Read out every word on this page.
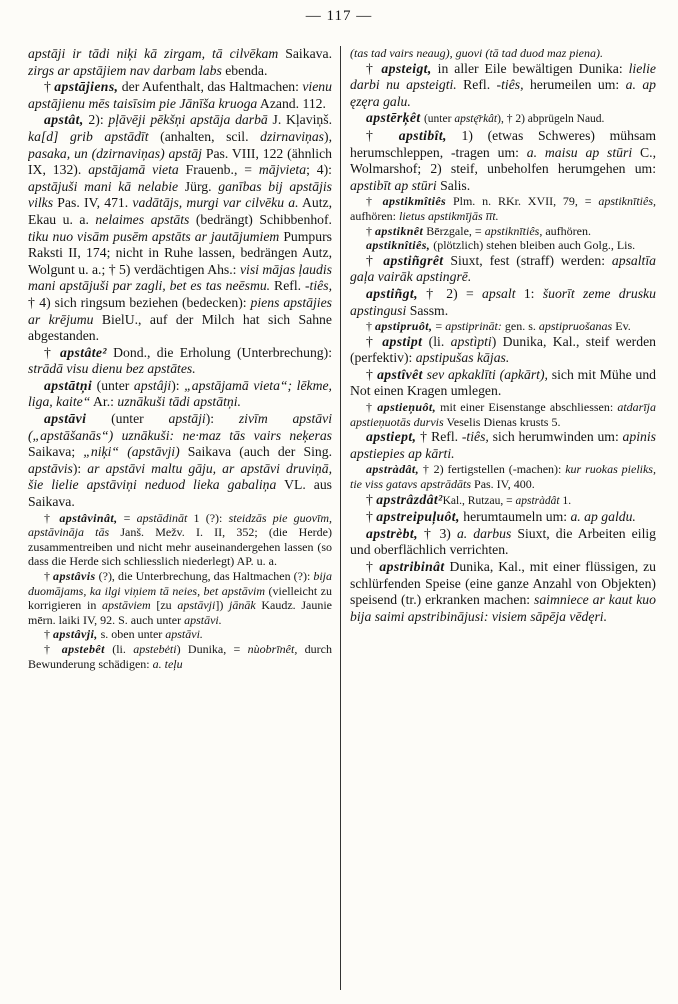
— 117 —

apstāji ir tādi niķi kā zirgam, tā cilvēkam Saikava. zirgs ar apstājiem nav darbam labs ebenda.

† apstājiens, der Aufenthalt, das Haltmachen: vienu apstājienu mēs taisīsim pie Jānīša kruoga Azand. 112.

apstât, 2): pļāvēji pēkšņi apstāja darbā J. Kļaviņš. ka[d] grib apstādīt (anhalten, scil. dzirnaviņas), pasaka, un (dzirnaviņas) apstāj Pas. VIII, 122 (ähnlich IX, 132). apstājamā vieta Frauenb., = mājvieta; 4): apstājuši mani kā nelabie Jürg. ganības bij apstājis vilks Pas. IV, 471. vadātājs, murgi var cilvēku a. Autz, Ekau u. a. nelaimes apstāts (bedrängt) Schibbenhof. tiku nuo visām pusēm apstāts ar jautājumiem Pumpurs Raksti II, 174; nicht in Ruhe lassen, bedrängen Autz, Wolgunt u. a.; † 5) verdächtigen Ahs.: visi mājas ļaudis mani apstājuši par zagli, bet es tas neēsmu. Refl. -tiês, † 4) sich ringsum beziehen (bedecken): piens apstājies ar krējumu BielU., auf der Milch hat sich Sahne abgestanden.

† apstâte² Dond., die Erholung (Unterbrechung): strādā visu dienu bez apstātes.

apstātņi (unter apstâji): „apstājamā vieta“; lēkme, liga, kaite“ Ar.: uznākuši tādi apstātņi.

apstāvi (unter apstāji): zivīm apstāvi („apstāšanās“) uznākuši: ne·maz tās vairs neķeras Saikava; „niķi“ (apstāvji) Saikava (auch der Sing. apstāvis): ar apstāvi maltu gāju, ar apstāvi druviņā, šie lielie apstāviņi neduod lieka gabaliņa VL. aus Saikava.

† apstâvinât, = apstādināt 1 (?): steidzās pie guovīm, apstāvināja tās Janš. Mežv. I. II, 352; (die Herde) zusammentreiben und nicht mehr auseinandergehen lassen (so dass die Herde sich schliesslich niederlegt) AP. u. a.

† apstâvis (?), die Unterbrechung, das Haltmachen (?): bija duomājams, ka ilgi viņiem tā neies, bet apstāvim (vielleicht zu korrigieren in apstāviem [zu apstāvji]) jānāk Kaudz. Jaunie mērn. laiki IV, 92. S. auch unter apstāvi.

† apstâvji, s. oben unter apstāvi.

† apstebêt (li. apstebėti) Dunika, = nùobrīnêt, durch Bewunderung schädigen: a. teļu

(tas tad vairs neaug), guovi (tā tad duod maz piena).

† apsteigt, in aller Eile bewältigen Dunika: lielie darbi nu apsteigti. Refl. -tiês, herumeilen um: a. ap ęzęra galu.

apstērķêt (unter apstę̄rkât), † 2) abprügeln Naud.

† apstibît, 1) (etwas Schweres) mühsam herumschleppen, -tragen um: a. maisu ap stūri C., Wolmarshof; 2) steif, unbeholfen herumgehen um: apstibīt ap stūri Salis.

† apstikmîtiês Plm. n. RKr. XVII, 79, = apstiknītiês, aufhören: lietus apstikmījās īīt.

† apstiknêt Bērzgale, = apstiknītiês, aufhören.

apstiknîtiês, (plötzlich) stehen bleiben auch Golg., Lis.

† apstiñgrêt Siuxt, fest (straff) werden: apsaltīa gaļa vairāk apstingrē.

apstiñgt, † 2) = apsalt 1: šuorīt zeme drusku apstingusi Sassm.

† apstipruôt, = apstiprināt: gen. s. apstipruošanas Ev.

† apstipt (li. apstìpti) Dunika, Kal., steif werden (perfektiv): apstipušas kājas.

† apstîvêt sev apkaklīti (apkārt), sich mit Mühe und Not einen Kragen umlegen.

† apstieņuôt, mit einer Eisenstange abschliessen: atdarīja apstieņuotās durvis Veselis Dienas krusts 5.

apstiept, † Refl. -tiês, sich herumwinden um: apinis apstiepies ap kārti.

apstràdât, † 2) fertigstellen (-machen): kur ruokas pieliks, tie viss gatavs apstrādāts Pas. IV, 400.

† apstrâzdât²Kal., Rutzau, = apstràdât 1.

† apstreipuļuôt, herumtaumeln um: a. ap galdu.

apstrèbt, † 3) a. darbus Siuxt, die Arbeiten eilig und oberflächlich verrichten.

† apstribinât Dunika, Kal., mit einer flüssigen, zu schlürfenden Speise (eine ganze Anzahl von Objekten) speisend (tr.) erkranken machen: saimniece ar kaut kuo bija saimi apstribinājusi: visiem sāpēja vēdęri.
